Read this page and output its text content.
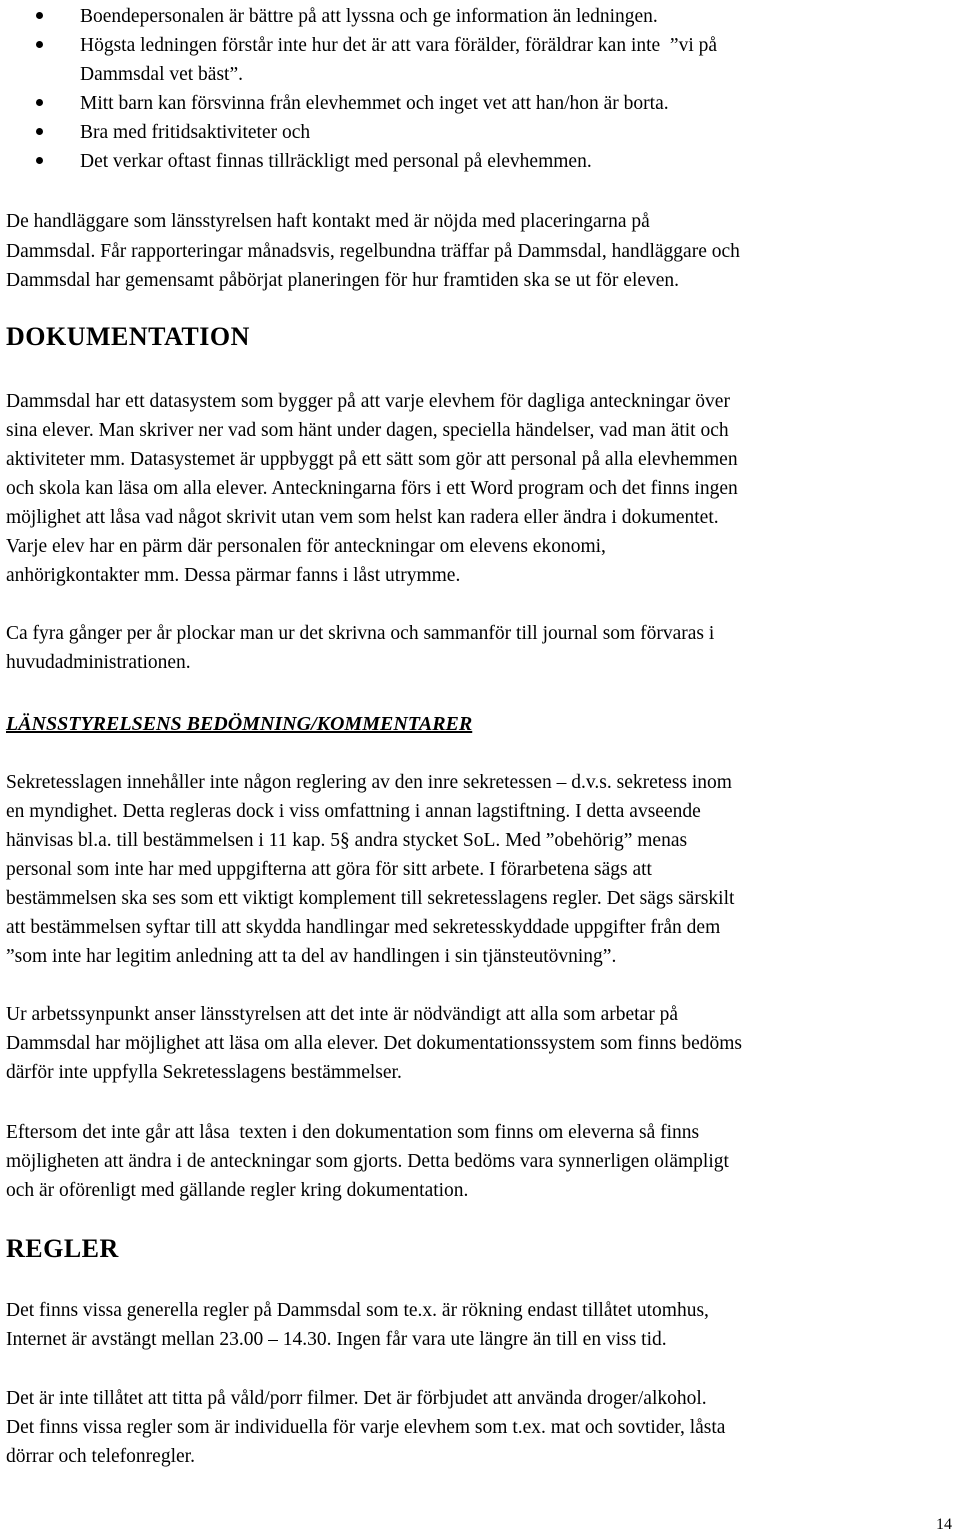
Boendepersonalen är bättre på att lyssna och ge information än ledningen.
Högsta ledningen förstår inte hur det är att vara förälder, föräldrar kan inte  ”vi på
Dammsdal vet bäst”.
Mitt barn kan försvinna från elevhemmet och inget vet att han/hon är borta.
Bra med fritidsaktiviteter och
Det verkar oftast finnas tillräckligt med personal på elevhemmen.
De handläggare som länsstyrelsen haft kontakt med är nöjda med placeringarna på
Dammsdal. Får rapporteringar månadsvis, regelbundna träffar på Dammsdal, handläggare och
Dammsdal har gemensamt påbörjat planeringen för hur framtiden ska se ut för eleven.
DOKUMENTATION
Dammsdal har ett datasystem som bygger på att varje elevhem för dagliga anteckningar över
sina elever. Man skriver ner vad som hänt under dagen, speciella händelser, vad man ätit och
aktiviteter mm. Datasystemet är uppbyggt på ett sätt som gör att personal på alla elevhemmen
och skola kan läsa om alla elever. Anteckningarna förs i ett Word program och det finns ingen
möjlighet att låsa vad något skrivit utan vem som helst kan radera eller ändra i dokumentet.
Varje elev har en pärm där personalen för anteckningar om elevens ekonomi,
anhörigkontakter mm. Dessa pärmar fanns i låst utrymme.
Ca fyra gånger per år plockar man ur det skrivna och sammanför till journal som förvaras i
huvudadministrationen.
LÄNSSTYRELSENS BEDÖMNING/KOMMENTARER
Sekretesslagen innehåller inte någon reglering av den inre sekretessen – d.v.s. sekretess inom
en myndighet. Detta regleras dock i viss omfattning i annan lagstiftning. I detta avseende
hänvisas bl.a. till bestämmelsen i 11 kap. 5§ andra stycket SoL. Med ”obehörig” menas
personal som inte har med uppgifterna att göra för sitt arbete. I förarbetena sägs att
bestämmelsen ska ses som ett viktigt komplement till sekretesslagens regler. Det sägs särskilt
att bestämmelsen syftar till att skydda handlingar med sekretesskyddade uppgifter från dem
”som inte har legitim anledning att ta del av handlingen i sin tjänsteutövning”.
Ur arbetssynpunkt anser länsstyrelsen att det inte är nödvändigt att alla som arbetar på
Dammsdal har möjlighet att läsa om alla elever. Det dokumentationssystem som finns bedöms
därför inte uppfylla Sekretesslagens bestämmelser.
Eftersom det inte går att låsa  texten i den dokumentation som finns om eleverna så finns
möjligheten att ändra i de anteckningar som gjorts. Detta bedöms vara synnerligen olämpligt
och är oförenligt med gällande regler kring dokumentation.
REGLER
Det finns vissa generella regler på Dammsdal som te.x. är rökning endast tillåtet utomhus,
Internet är avstängt mellan 23.00 – 14.30. Ingen får vara ute längre än till en viss tid.
Det är inte tillåtet att titta på våld/porr filmer. Det är förbjudet att använda droger/alkohol.
Det finns vissa regler som är individuella för varje elevhem som t.ex. mat och sovtider, låsta
dörrar och telefonregler.
14
